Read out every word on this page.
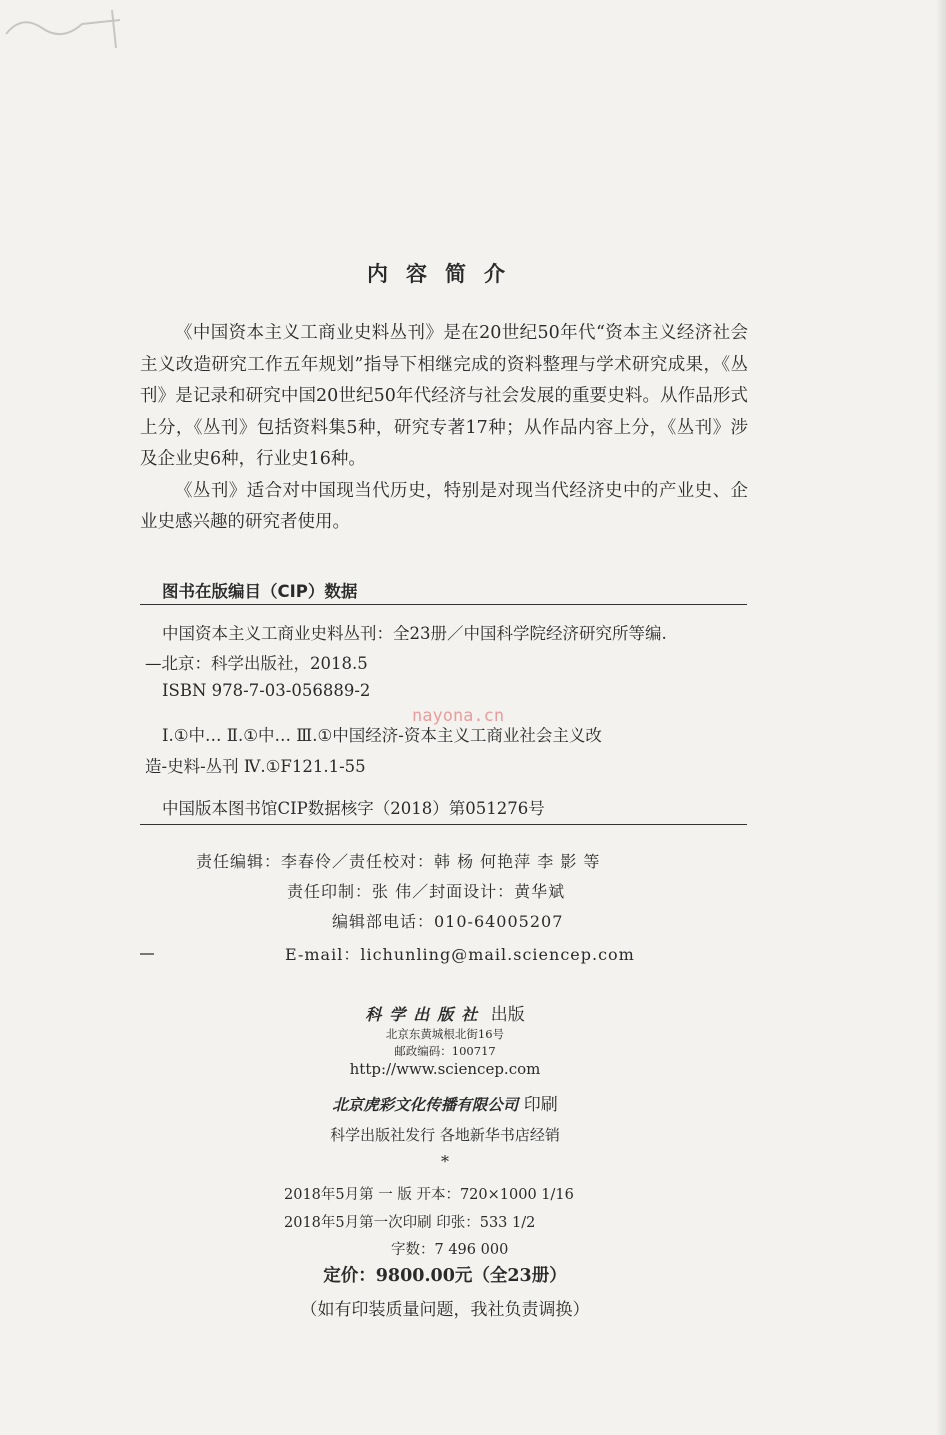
内容简介

《中国资本主义工商业史料丛刊》是在20世纪50年代“资本主义经济社会主义改造研究工作五年规划”指导下相继完成的资料整理与学术研究成果，《丛刊》是记录和研究中国20世纪50年代经济与社会发展的重要史料。从作品形式上分，《丛刊》包括资料集5种，研究专著17种；从作品内容上分，《丛刊》涉及企业史6种，行业史16种。

《丛刊》适合对中国现当代历史，特别是对现当代经济史中的产业史、企业史感兴趣的研究者使用。

图书在版编目（CIP）数据
中国资本主义工商业史料丛刊：全23册／中国科学院经济研究所等编.
—北京：科学出版社，2018.5
ISBN 978-7-03-056889-2
Ⅰ.①中… Ⅱ.①中… Ⅲ.①中国经济-资本主义工商业社会主义改
造-史料-丛刊 Ⅳ.①F121.1-55
中国版本图书馆CIP数据核字（2018）第051276号
nayona.cn
责任编辑：李春伶／责任校对：韩 杨 何艳萍 李 影 等
责任印制：张 伟／封面设计：黄华斌
编辑部电话：010-64005207
E-mail：lichunling@mail.sciencep.com
科学出版社 出版
北京东黄城根北街16号
邮政编码：100717
http://www.sciencep.com
北京虎彩文化传播有限公司 印刷
科学出版社发行 各地新华书店经销
*
2018年5月第 一 版 开本：720×1000 1/16
2018年5月第一次印刷 印张：533 1/2
字数：7 496 000
定价：9800.00元（全23册）
（如有印装质量问题，我社负责调换）
